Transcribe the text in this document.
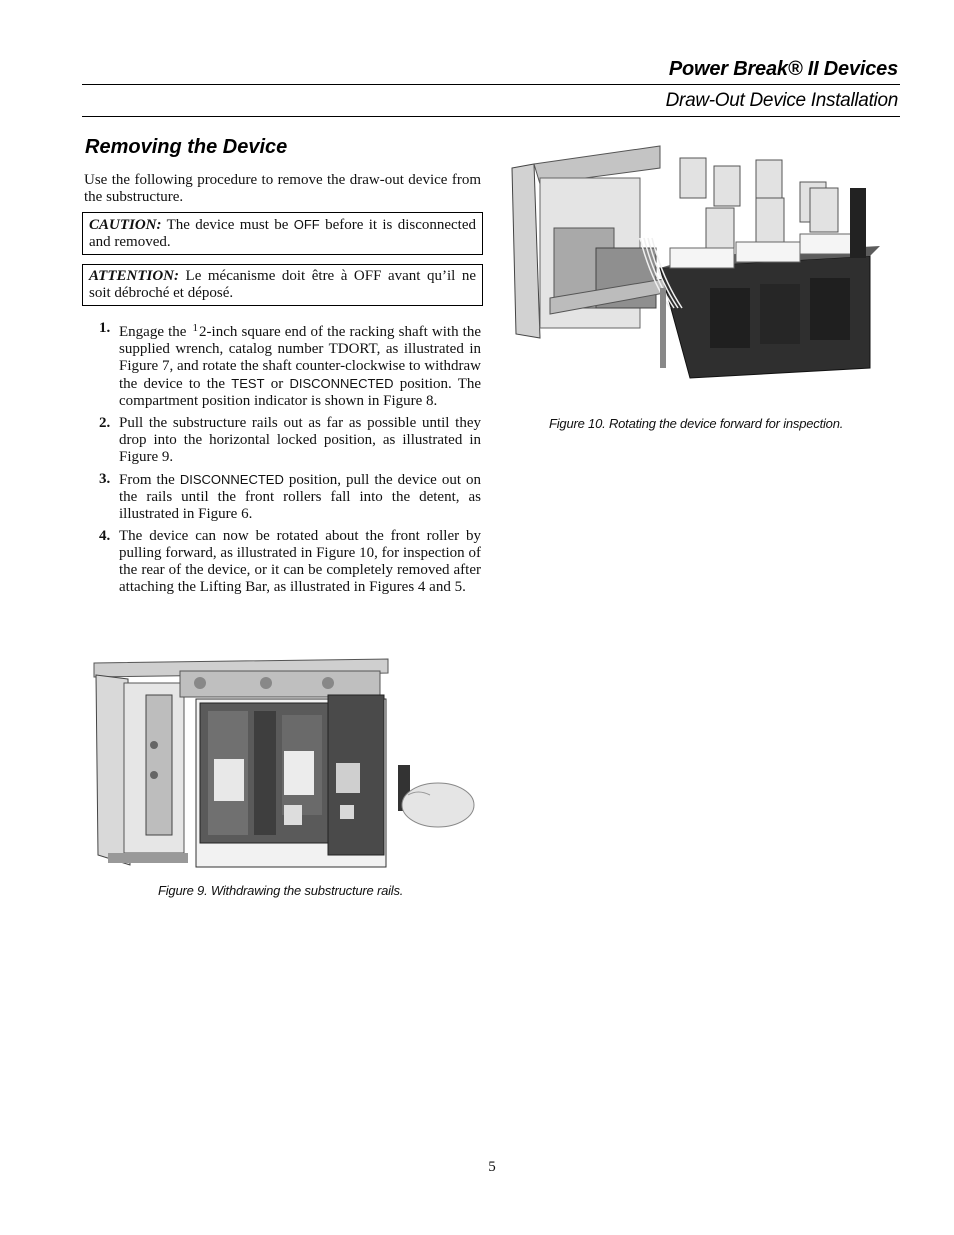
Power Break® II Devices
Draw-Out Device Installation
Removing the Device
Use the following procedure to remove the draw-out device from the substructure.
CAUTION: The device must be OFF before it is disconnected and removed.
ATTENTION: Le mécanisme doit être à OFF avant qu’il ne soit débroché et déposé.
1. Engage the $^1$2-inch square end of the racking shaft with the supplied wrench, catalog number TDORT, as illustrated in Figure 7, and rotate the shaft counter-clockwise to withdraw the device to the TEST or DISCONNECTED position. The compartment position indicator is shown in Figure 8.
2. Pull the substructure rails out as far as possible until they drop into the horizontal locked position, as illustrated in Figure 9.
3. From the DISCONNECTED position, pull the device out on the rails until the front rollers fall into the detent, as illustrated in Figure 6.
4. The device can now be rotated about the front roller by pulling forward, as illustrated in Figure 10, for inspection of the rear of the device, or it can be completely removed after attaching the Lifting Bar, as illustrated in Figures 4 and 5.
Figure 9. Withdrawing the substructure rails.
Figure 10. Rotating the device forward for inspection.
5
